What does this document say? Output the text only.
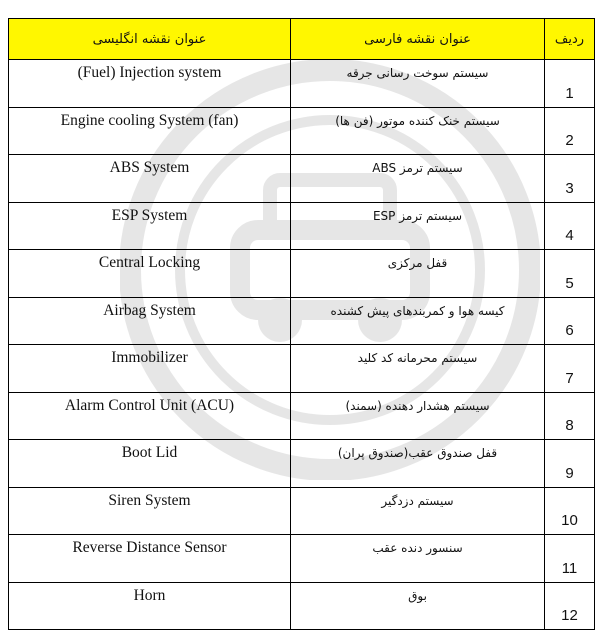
عنوان نقشه انگلیسی	عنوان نقشه فارسی	ردیف
(Fuel) Injection system	سیستم سوخت رسانی جرقه	1
Engine cooling System (fan)	سیستم خنک کننده موتور (فن ها)	2
ABS System	سیستم ترمز ABS	3
ESP System	سیستم ترمز ESP	4
Central Locking	قفل مرکزی	5
Airbag System	کیسه هوا و کمربندهای پیش کشنده	6
Immobilizer	سیستم محرمانه کد کلید	7
Alarm Control Unit (ACU)	سیستم هشدار دهنده (سمند)	8
Boot Lid	قفل صندوق عقب(صندوق پران)	9
Siren System	سیستم دزدگیر	10
Reverse Distance Sensor	سنسور دنده عقب	11
Horn	بوق	12
